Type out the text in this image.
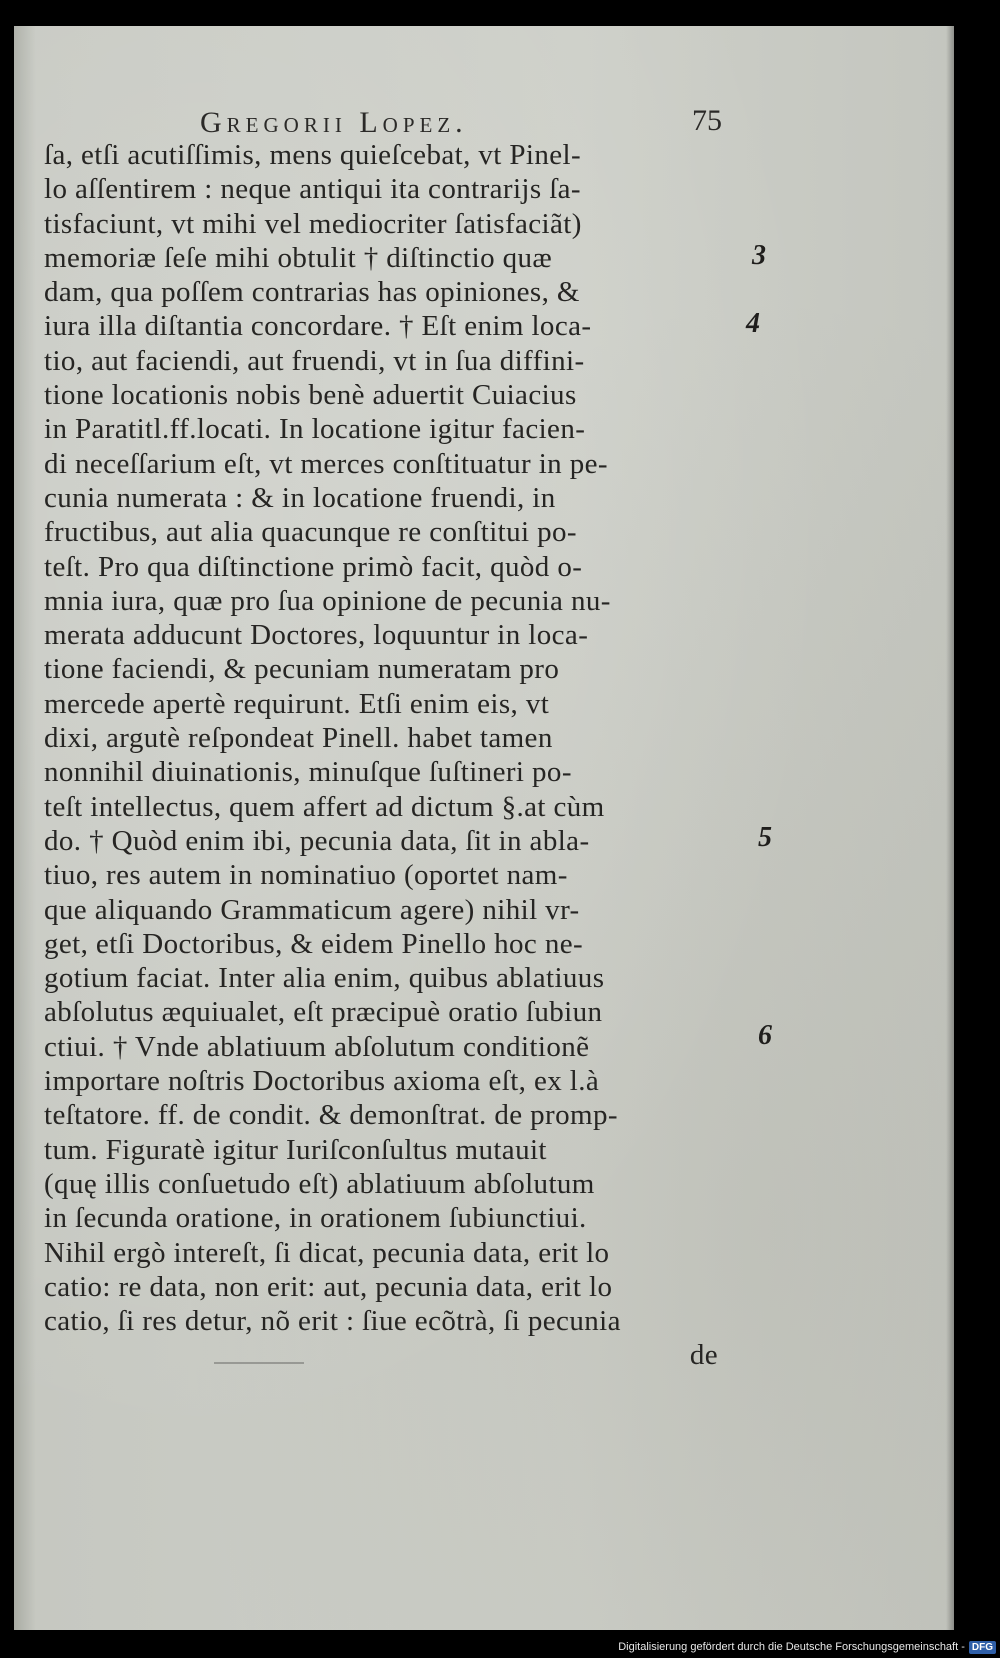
Gregorii Lopez.	75
ſa, etſi acutiſſimis, mens quieſcebat, vt Pinel-
lo aſſentirem : neque antiqui ita contrarijs ſa-
tisfaciunt, vt mihi vel mediocriter ſatisfaciãt)
memoriæ ſeſe mihi obtulit † diſtinctio quæ
dam, qua poſſem contrarias has opiniones, &
iura illa diſtantia concordare. † Eſt enim loca-
tio, aut faciendi, aut fruendi, vt in ſua diffini-
tione locationis nobis benè aduertit Cuiacius
in Paratitl.ff.locati. In locatione igitur facien-
di neceſſarium eſt, vt merces conſtituatur in pe-
cunia numerata : & in locatione fruendi, in
fructibus, aut alia quacunque re conſtitui po-
teſt. Pro qua diſtinctione primò facit, quòd o-
mnia iura, quæ pro ſua opinione de pecunia nu-
merata adducunt Doctores, loquuntur in loca-
tione faciendi, & pecuniam numeratam pro
mercede apertè requirunt. Etſi enim eis, vt
dixi, argutè reſpondeat Pinell. habet tamen
nonnihil diuinationis, minuſque ſuſtineri po-
teſt intellectus, quem affert ad dictum §.at cùm
do. † Quòd enim ibi, pecunia data, ſit in abla-
tiuo, res autem in nominatiuo (oportet nam-
que aliquando Grammaticum agere) nihil vr-
get, etſi Doctoribus, & eidem Pinello hoc ne-
gotium faciat. Inter alia enim, quibus ablatiuus
abſolutus æquiualet, eſt præcipuè oratio ſubiun
ctiui. † Vnde ablatiuum abſolutum conditionẽ
importare noſtris Doctoribus axioma eſt, ex l.à
teſtatore. ff. de condit. & demonſtrat. de promp-
tum. Figuratè igitur Iuriſconſultus mutauit
(quę illis conſuetudo eſt) ablatiuum abſolutum
in ſecunda oratione, in orationem ſubiunctiui.
Nihil ergò intereſt, ſi dicat, pecunia data, erit lo
catio: re data, non erit: aut, pecunia data, erit lo
catio, ſi res detur, nõ erit : ſiue ecõtrà, ſi pecunia
de
3
4
5
6
Digitalisierung gefördert durch die Deutsche Forschungsgemeinschaft - DFG
